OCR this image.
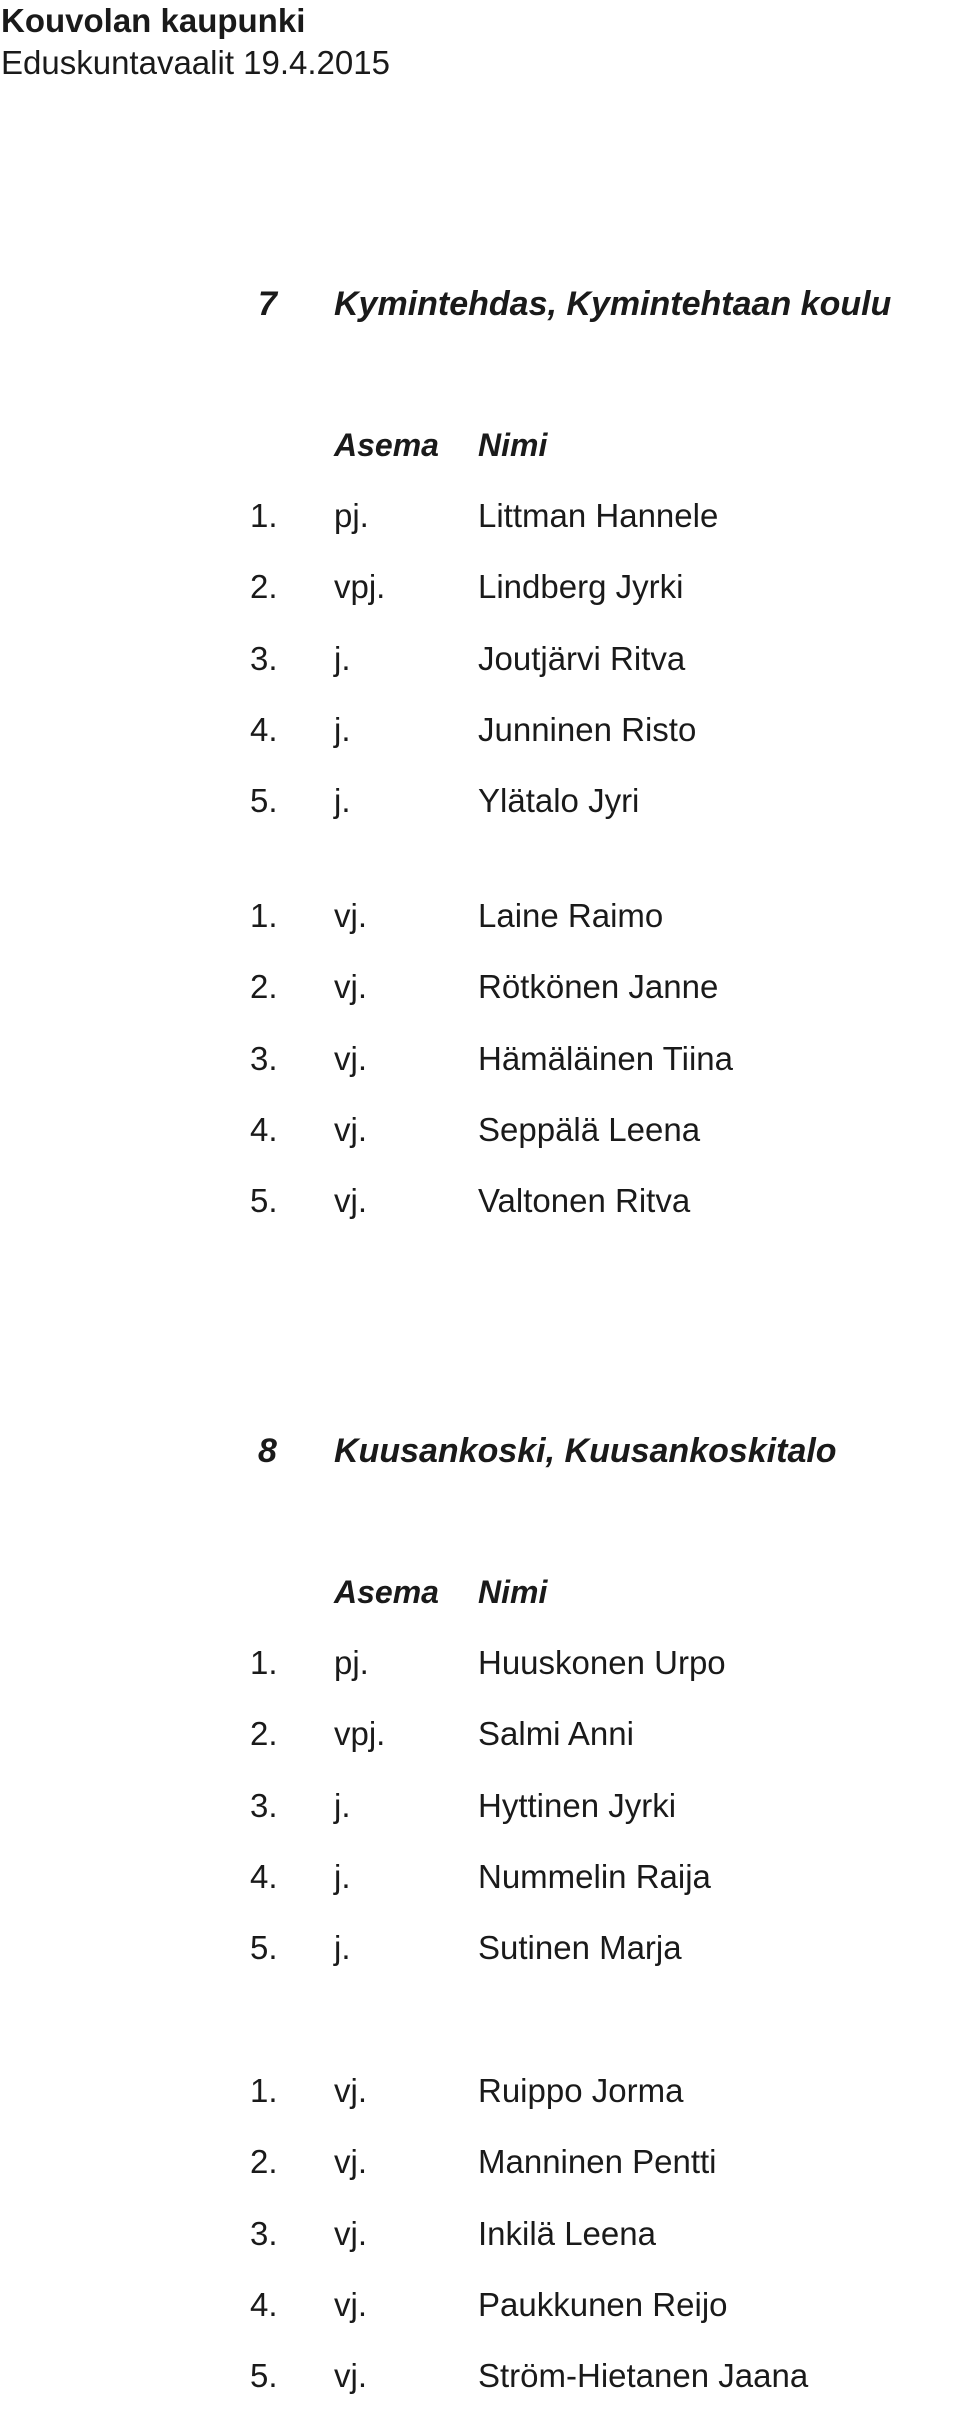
Kouvolan kaupunki
Eduskuntavaalit 19.4.2015
7 Kymintehdas, Kymintehtaan koulu
Asema Nimi
1. pj.	Littman Hannele
2. vpj.	Lindberg Jyrki
3. j.	Joutjärvi Ritva
4. j.	Junninen Risto
5. j.	Ylätalo Jyri
1. vj.	Laine Raimo
2. vj.	Rötkönen Janne
3. vj.	Hämäläinen Tiina
4. vj.	Seppälä Leena
5. vj.	Valtonen Ritva
8 Kuusankoski, Kuusankoskitalo
Asema Nimi
1. pj.	Huuskonen Urpo
2. vpj.	Salmi Anni
3. j.	Hyttinen Jyrki
4. j.	Nummelin Raija
5. j.	Sutinen Marja
1. vj.	Ruippo Jorma
2. vj.	Manninen Pentti
3. vj.	Inkilä Leena
4. vj.	Paukkunen Reijo
5. vj.	Ström-Hietanen Jaana
